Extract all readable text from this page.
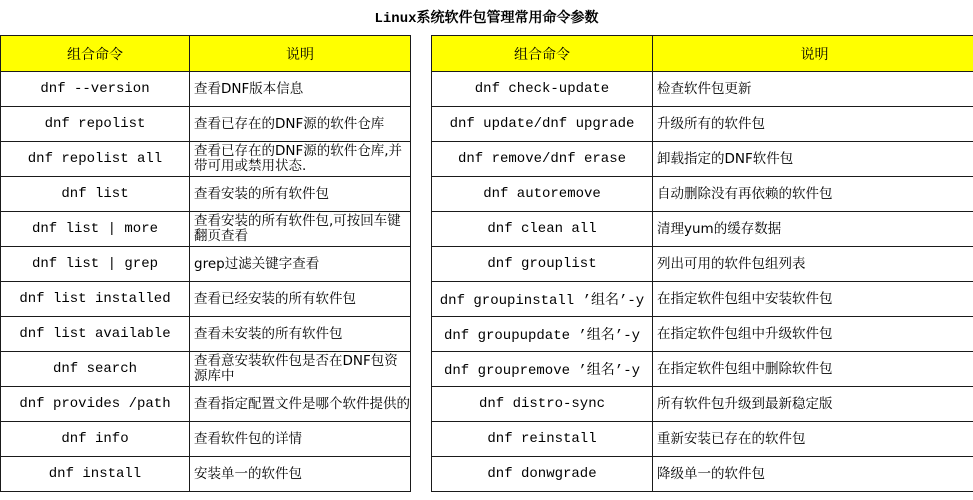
Linux系统软件包管理常用命令参数
组合命令	说明
dnf --version	查看DNF版本信息
dnf repolist	查看已存在的DNF源的软件仓库
dnf repolist all	查看已存在的DNF源的软件仓库,并带可用或禁用状态.
dnf list	查看安装的所有软件包
dnf list | more	查看安装的所有软件包,可按回车键翻页查看
dnf list | grep	grep过滤关键字查看
dnf list installed	查看已经安装的所有软件包
dnf list available	查看未安装的所有软件包
dnf search	查看意安装软件包是否在DNF包资源库中
dnf provides /path	查看指定配置文件是哪个软件提供的
dnf info	查看软件包的详情
dnf install	安装单一的软件包
组合命令	说明
dnf check-update	检查软件包更新
dnf update/dnf upgrade	升级所有的软件包
dnf remove/dnf erase	卸载指定的DNF软件包
dnf autoremove	自动删除没有再依赖的软件包
dnf clean all	清理yum的缓存数据
dnf grouplist	列出可用的软件包组列表
dnf groupinstall ’组名’-y	在指定软件包组中安装软件包
dnf groupupdate ’组名’-y	在指定软件包组中升级软件包
dnf groupremove ’组名’-y	在指定软件包组中删除软件包
dnf distro-sync	所有软件包升级到最新稳定版
dnf reinstall	重新安装已存在的软件包
dnf donwgrade	降级单一的软件包
